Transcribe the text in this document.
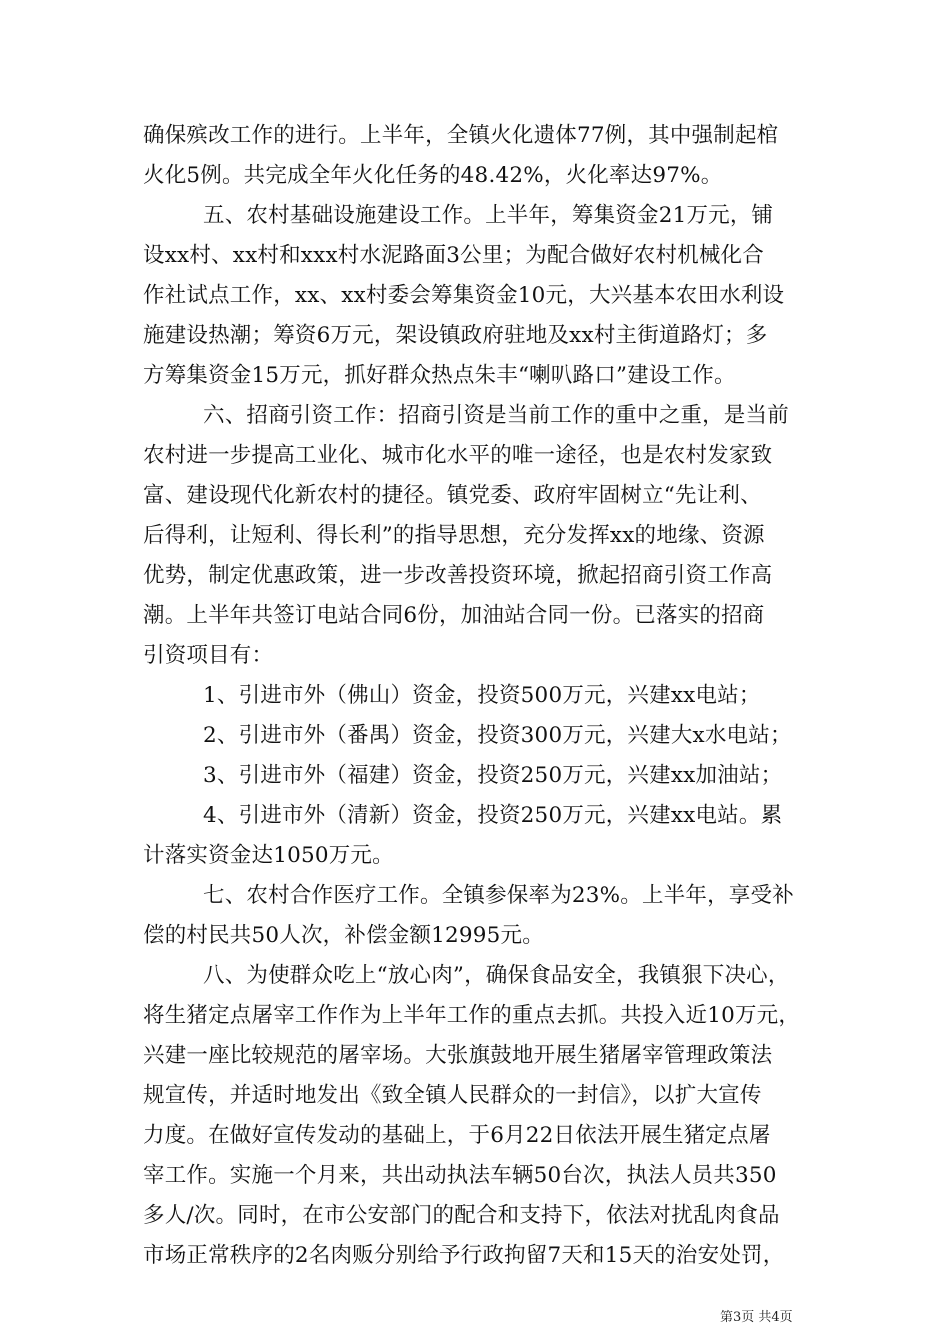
确保殡改工作的进行。上半年，全镇火化遗体77例，其中强制起棺
火化5例。共完成全年火化任务的48.42%，火化率达97%。
五、农村基础设施建设工作。上半年，筹集资金21万元，铺
设xx村、xx村和xxx村水泥路面3公里；为配合做好农村机械化合
作社试点工作，xx、xx村委会筹集资金10元，大兴基本农田水利设
施建设热潮；筹资6万元，架设镇政府驻地及xx村主街道路灯；多
方筹集资金15万元，抓好群众热点朱丰“喇叭路口”建设工作。
六、招商引资工作：招商引资是当前工作的重中之重，是当前
农村进一步提高工业化、城市化水平的唯一途径，也是农村发家致
富、建设现代化新农村的捷径。镇党委、政府牢固树立“先让利、
后得利，让短利、得长利”的指导思想，充分发挥xx的地缘、资源
优势，制定优惠政策，进一步改善投资环境，掀起招商引资工作高
潮。上半年共签订电站合同6份，加油站合同一份。已落实的招商
引资项目有：
1、引进市外（佛山）资金，投资500万元，兴建xx电站；
2、引进市外（番禺）资金，投资300万元，兴建大x水电站；
3、引进市外（福建）资金，投资250万元，兴建xx加油站；
4、引进市外（清新）资金，投资250万元，兴建xx电站。累
计落实资金达1050万元。
七、农村合作医疗工作。全镇参保率为23%。上半年，享受补
偿的村民共50人次，补偿金额12995元。
八、为使群众吃上“放心肉”，确保食品安全，我镇狠下决心，
将生猪定点屠宰工作作为上半年工作的重点去抓。共投入近10万元，
兴建一座比较规范的屠宰场。大张旗鼓地开展生猪屠宰管理政策法
规宣传，并适时地发出《致全镇人民群众的一封信》，以扩大宣传
力度。在做好宣传发动的基础上，于6月22日依法开展生猪定点屠
宰工作。实施一个月来，共出动执法车辆50台次，执法人员共350
多人/次。同时，在市公安部门的配合和支持下，依法对扰乱肉食品
市场正常秩序的2名肉贩分别给予行政拘留7天和15天的治安处罚，
第3页 共4页
